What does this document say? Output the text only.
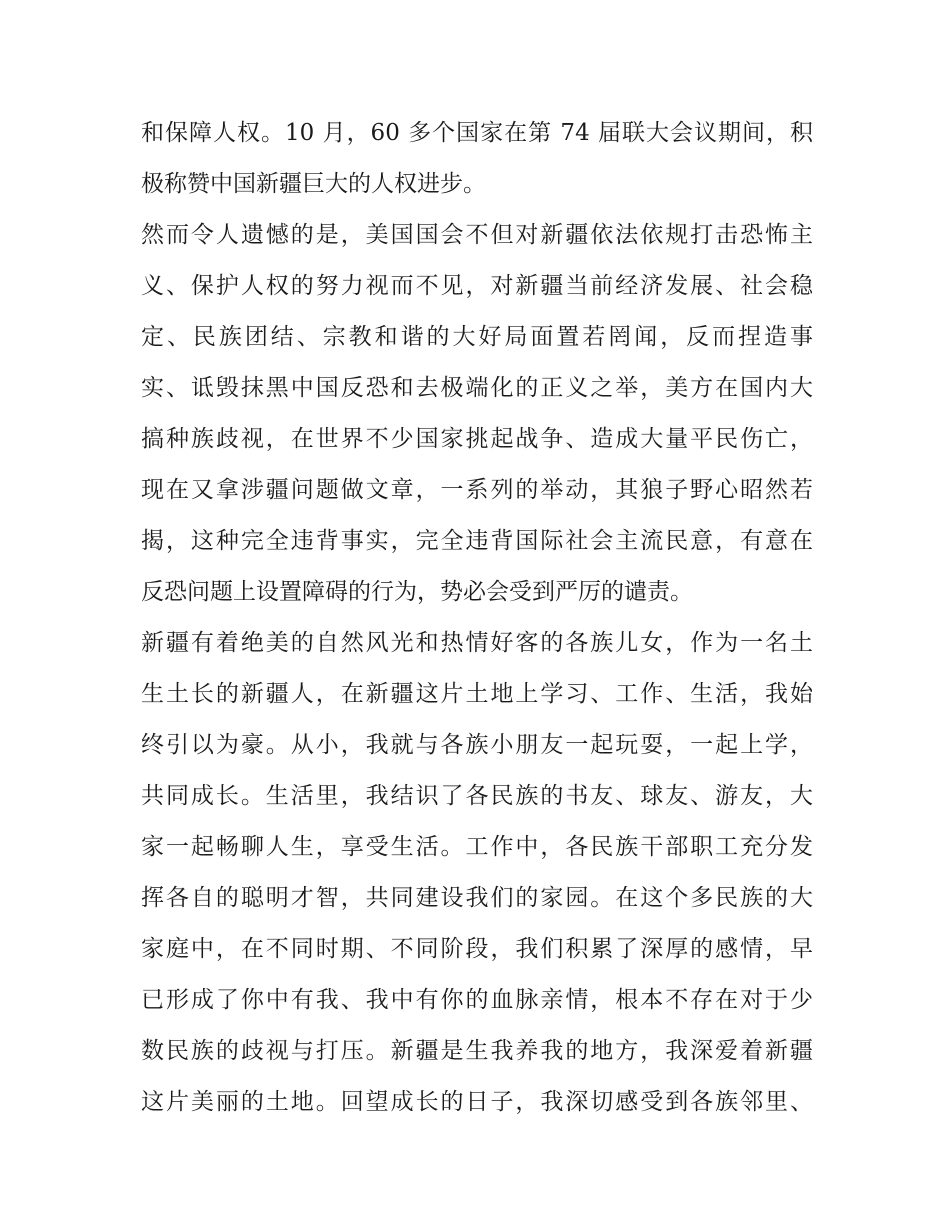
和保障人权。10 月，60 多个国家在第 74 届联大会议期间，积
极称赞中国新疆巨大的人权进步。
然而令人遗憾的是，美国国会不但对新疆依法依规打击恐怖主
义、保护人权的努力视而不见，对新疆当前经济发展、社会稳
定、民族团结、宗教和谐的大好局面置若罔闻，反而捏造事
实、诋毁抹黑中国反恐和去极端化的正义之举，美方在国内大
搞种族歧视，在世界不少国家挑起战争、造成大量平民伤亡，
现在又拿涉疆问题做文章，一系列的举动，其狼子野心昭然若
揭，这种完全违背事实，完全违背国际社会主流民意，有意在
反恐问题上设置障碍的行为，势必会受到严厉的谴责。
新疆有着绝美的自然风光和热情好客的各族儿女，作为一名土
生土长的新疆人，在新疆这片土地上学习、工作、生活，我始
终引以为豪。从小，我就与各族小朋友一起玩耍，一起上学，
共同成长。生活里，我结识了各民族的书友、球友、游友，大
家一起畅聊人生，享受生活。工作中，各民族干部职工充分发
挥各自的聪明才智，共同建设我们的家园。在这个多民族的大
家庭中，在不同时期、不同阶段，我们积累了深厚的感情，早
已形成了你中有我、我中有你的血脉亲情，根本不存在对于少
数民族的歧视与打压。新疆是生我养我的地方，我深爱着新疆
这片美丽的土地。回望成长的日子，我深切感受到各族邻里、
